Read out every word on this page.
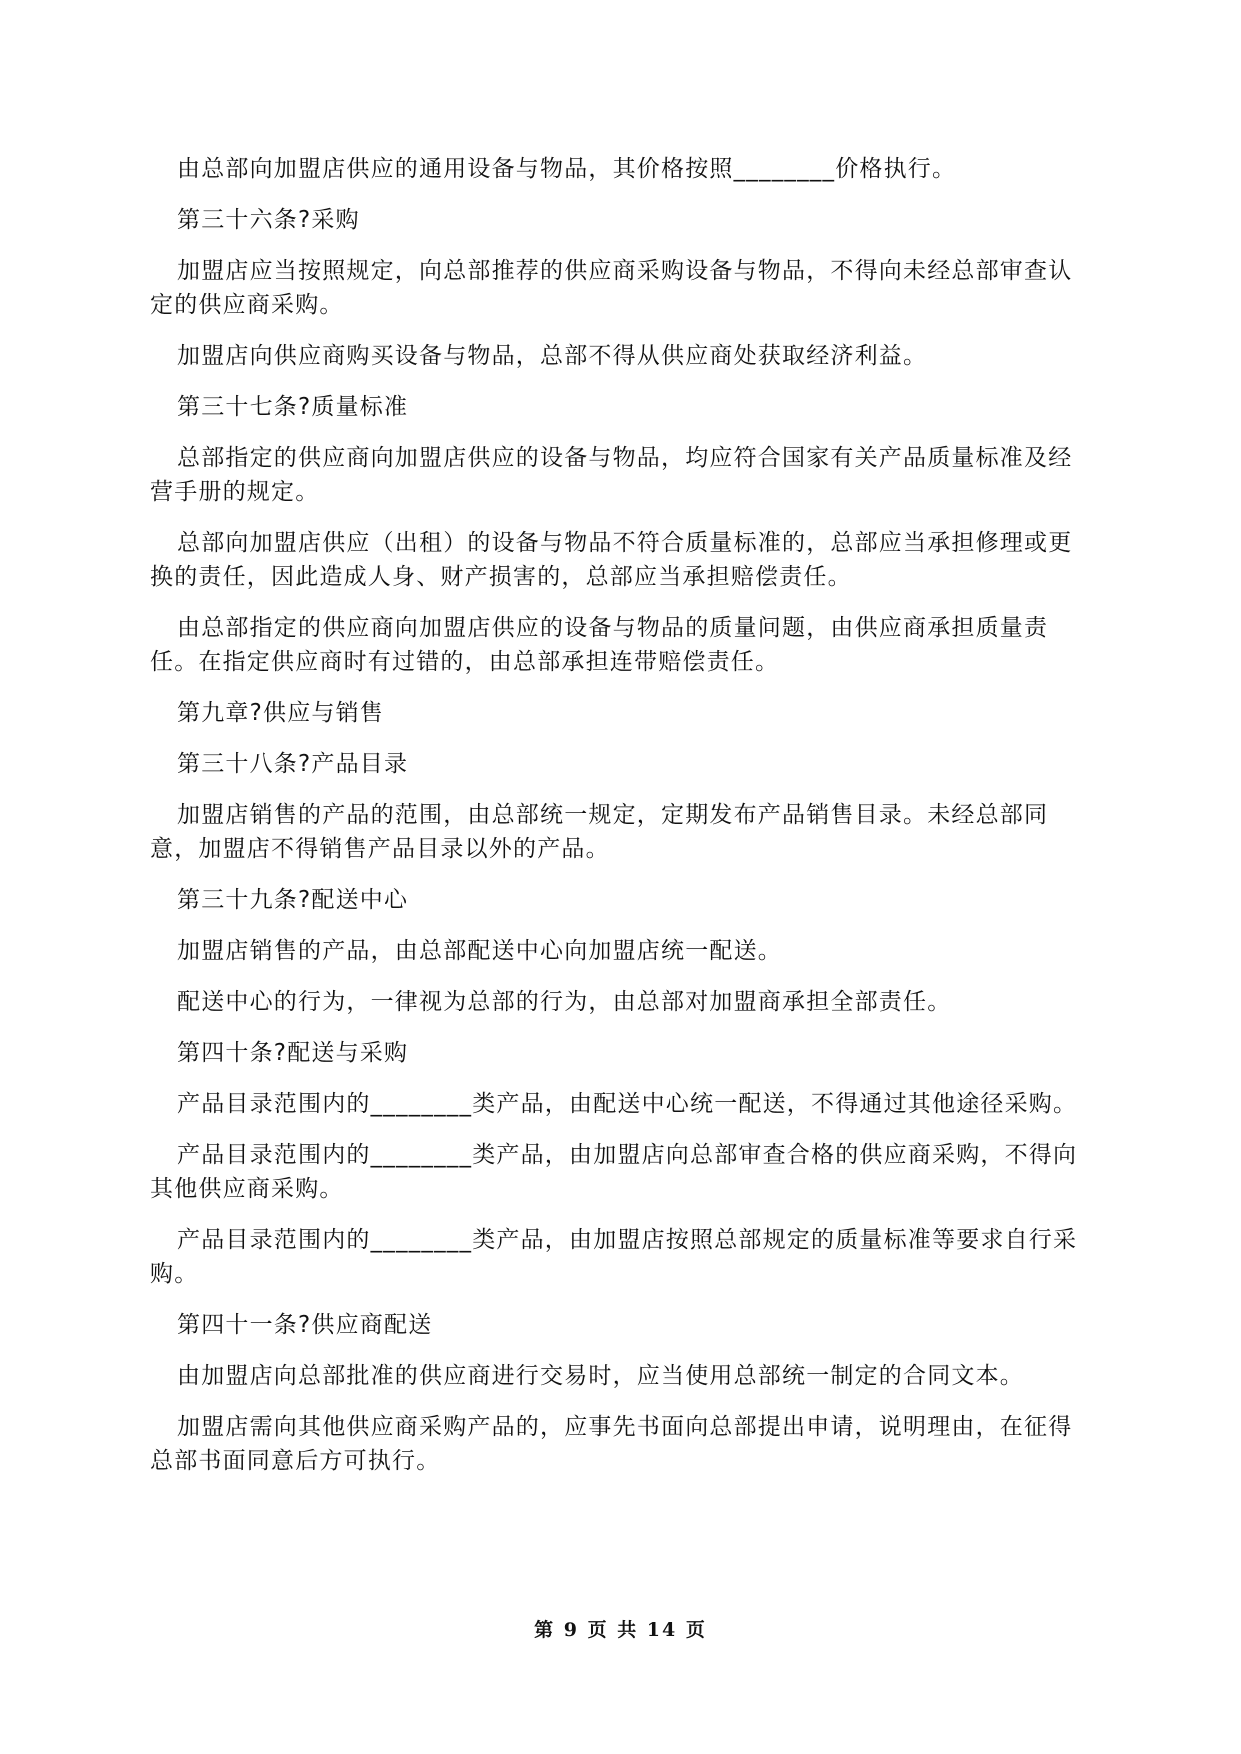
由总部向加盟店供应的通用设备与物品，其价格按照________价格执行。

第三十六条?采购

加盟店应当按照规定，向总部推荐的供应商采购设备与物品，不得向未经总部审查认定的供应商采购。

加盟店向供应商购买设备与物品，总部不得从供应商处获取经济利益。

第三十七条?质量标准

总部指定的供应商向加盟店供应的设备与物品，均应符合国家有关产品质量标准及经营手册的规定。

总部向加盟店供应（出租）的设备与物品不符合质量标准的，总部应当承担修理或更换的责任，因此造成人身、财产损害的，总部应当承担赔偿责任。

由总部指定的供应商向加盟店供应的设备与物品的质量问题，由供应商承担质量责任。在指定供应商时有过错的，由总部承担连带赔偿责任。

第九章?供应与销售

第三十八条?产品目录

加盟店销售的产品的范围，由总部统一规定，定期发布产品销售目录。未经总部同意，加盟店不得销售产品目录以外的产品。

第三十九条?配送中心

加盟店销售的产品，由总部配送中心向加盟店统一配送。

配送中心的行为，一律视为总部的行为，由总部对加盟商承担全部责任。

第四十条?配送与采购

产品目录范围内的________类产品，由配送中心统一配送，不得通过其他途径采购。

产品目录范围内的________类产品，由加盟店向总部审查合格的供应商采购，不得向其他供应商采购。

产品目录范围内的________类产品，由加盟店按照总部规定的质量标准等要求自行采购。

第四十一条?供应商配送

由加盟店向总部批准的供应商进行交易时，应当使用总部统一制定的合同文本。

加盟店需向其他供应商采购产品的，应事先书面向总部提出申请，说明理由，在征得总部书面同意后方可执行。

第 9 页 共 14 页
